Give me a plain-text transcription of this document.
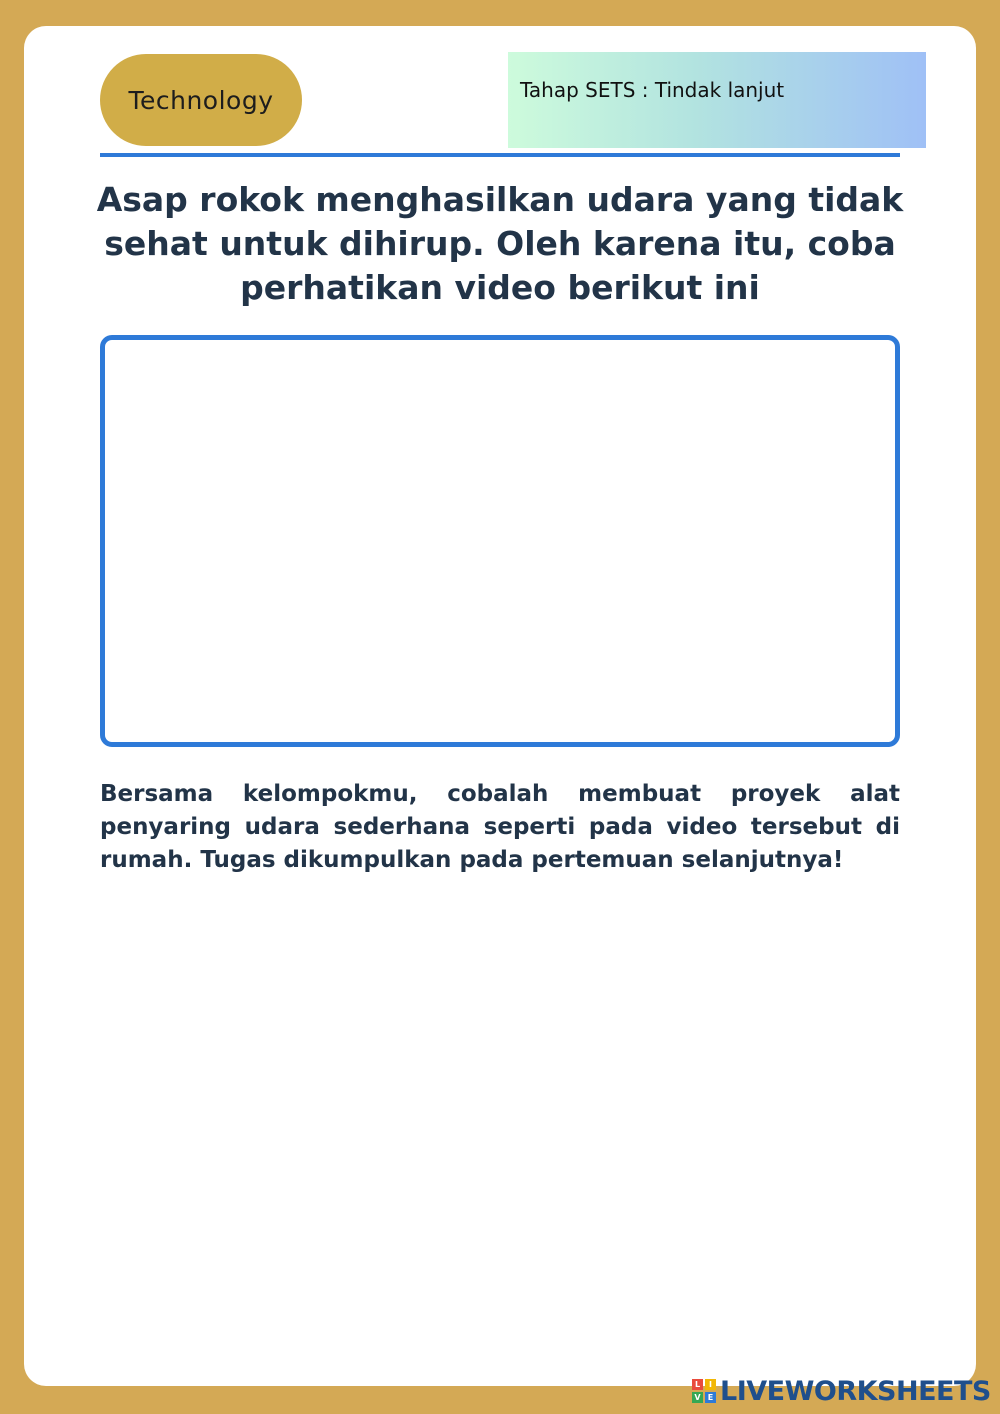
Technology	Tahap SETS : Tindak lanjut
Asap rokok menghasilkan udara yang tidak sehat untuk dihirup. Oleh karena itu, coba perhatikan video berikut ini

Bersama kelompokmu, cobalah membuat proyek alat penyaring udara sederhana seperti pada video tersebut di rumah. Tugas dikumpulkan pada pertemuan selanjutnya!

L	I
V E LIVEWORKSHEETS
